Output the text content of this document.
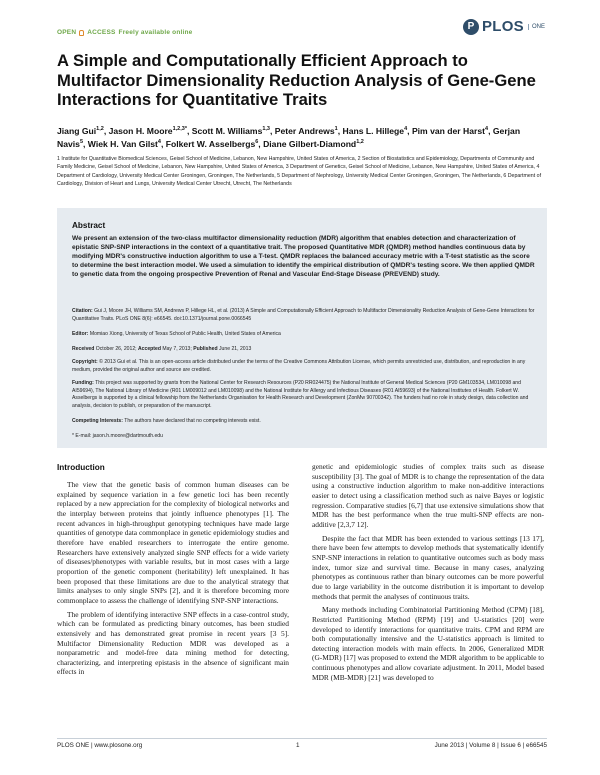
OPEN ACCESS Freely available online
P PLOS	ONE
A Simple and Computationally Efficient Approach to Multifactor Dimensionality Reduction Analysis of Gene-Gene Interactions for Quantitative Traits

Jiang Gui$^{1,2}$, Jason H. Moore$^{1,2,3*}$, Scott M. Williams$^{1,3}$, Peter Andrews$^1$, Hans L. Hillege$^4$, Pim van der Harst$^4$, Gerjan Navis$^5$, Wiek H. Van Gilst$^4$, Folkert W. Asselbergs$^6$, Diane Gilbert-Diamond$^{1,2}$

1 Institute for Quantitative Biomedical Sciences, Geisel School of Medicine, Lebanon, New Hampshire, United States of America, 2 Section of Biostatistics and Epidemiology, Departments of Community and Family Medicine, Geisel School of Medicine, Lebanon, New Hampshire, United States of America, 3 Department of Genetics, Geisel School of Medicine, Lebanon, New Hampshire, United States of America, 4 Department of Cardiology, University Medical Center Groningen, Groningen, The Netherlands, 5 Department of Nephrology, University Medical Center Groningen, Groningen, The Netherlands, 6 Department of Cardiology, Division of Heart and Lungs, University Medical Center Utrecht, Utrecht, The Netherlands

Abstract

We present an extension of the two-class multifactor dimensionality reduction (MDR) algorithm that enables detection and characterization of epistatic SNP-SNP interactions in the context of a quantitative trait. The proposed Quantitative MDR (QMDR) method handles continuous data by modifying MDR's constructive induction algorithm to use a T-test. QMDR replaces the balanced accuracy metric with a T-test statistic as the score to determine the best interaction model. We used a simulation to identify the empirical distribution of QMDR's testing score. We then applied QMDR to genetic data from the ongoing prospective Prevention of Renal and Vascular End-Stage Disease (PREVEND) study.

Citation: Gui J, Moore JH, Williams SM, Andrews P, Hillege HL, et al. (2013) A Simple and Computationally Efficient Approach to Multifactor Dimensionality Reduction Analysis of Gene-Gene Interactions for Quantitative Traits. PLoS ONE 8(6): e66545. doi:10.1371/journal.pone.0066545

Editor: Momiao Xiong, University of Texas School of Public Health, United States of America

Received October 26, 2012; Accepted May 7, 2013; Published June 21, 2013

Copyright: © 2013 Gui et al. This is an open-access article distributed under the terms of the Creative Commons Attribution License, which permits unrestricted use, distribution, and reproduction in any medium, provided the original author and source are credited.

Funding: This project was supported by grants from the National Center for Research Resources (P20 RR024475) the National Institute of General Medical Sciences (P20 GM103534, LM010098 and AI59694), The National Library of Medicine (R01 LM009012 and LM010098) and the National Institute for Allergy and Infectious Diseases (R01 AI59693) of the National Institutes of Health. Folkert W. Asselbergs is supported by a clinical fellowship from the Netherlands Organisation for Health Research and Development (ZonMw 90700342). The funders had no role in study design, data collection and analysis, decision to publish, or preparation of the manuscript.

Competing Interests: The authors have declared that no competing interests exist.

* E-mail: jason.h.moore@dartmouth.edu

Introduction

The view that the genetic basis of common human diseases can be explained by sequence variation in a few genetic loci has been recently replaced by a new appreciation for the complexity of biological networks and the interplay between proteins that jointly influence phenotypes [1]. The recent advances in high-throughput genotyping techniques have made large quantities of genotype data commonplace in genetic epidemiology studies and therefore have enabled researchers to interrogate the entire genome. Researchers have extensively analyzed single SNP effects for a wide variety of diseases/phenotypes with variable results, but in most cases with a large proportion of the genetic component (heritability) left unexplained. It has been proposed that these limitations are due to the analytical strategy that limits analyses to only single SNPs [2], and it is therefore becoming more commonplace to assess the challenge of identifying SNP-SNP interactions.

The problem of identifying interactive SNP effects in a case-control study, which can be formulated as predicting binary outcomes, has been studied extensively and has demonstrated great promise in recent years [3 5]. Multifactor Dimensionality Reduction MDR was developed as a nonparametric and model-free data mining method for detecting, characterizing, and interpreting epistasis in the absence of significant main effects in

genetic and epidemiologic studies of complex traits such as disease susceptibility [3]. The goal of MDR is to change the representation of the data using a constructive induction algorithm to make non-additive interactions easier to detect using a classification method such as naive Bayes or logistic regression. Comparative studies [6,7] that use extensive simulations show that MDR has the best performance when the true multi-SNP effects are non-additive [2,3,7 12].

Despite the fact that MDR has been extended to various settings [13 17], there have been few attempts to develop methods that systematically identify SNP-SNP interactions in relation to quantitative outcomes such as body mass index, tumor size and survival time. Because in many cases, analyzing phenotypes as continuous rather than binary outcomes can be more powerful due to large variability in the outcome distribution it is important to develop methods that permit the analyses of continuous traits.

Many methods including Combinatorial Partitioning Method (CPM) [18], Restricted Partitioning Method (RPM) [19] and U-statistics [20] were developed to identify interactions for quantitative traits. CPM and RPM are both computationally intensive and the U-statistics approach is limited to detecting interaction models with main effects. In 2006, Generalized MDR (G-MDR) [17] was proposed to extend the MDR algorithm to be applicable to continuous phenotypes and allow covariate adjustment. In 2011, Model based MDR (MB-MDR) [21] was developed to

PLOS ONE | www.plosone.org	1	June 2013 | Volume 8 | Issue 6 | e66545
